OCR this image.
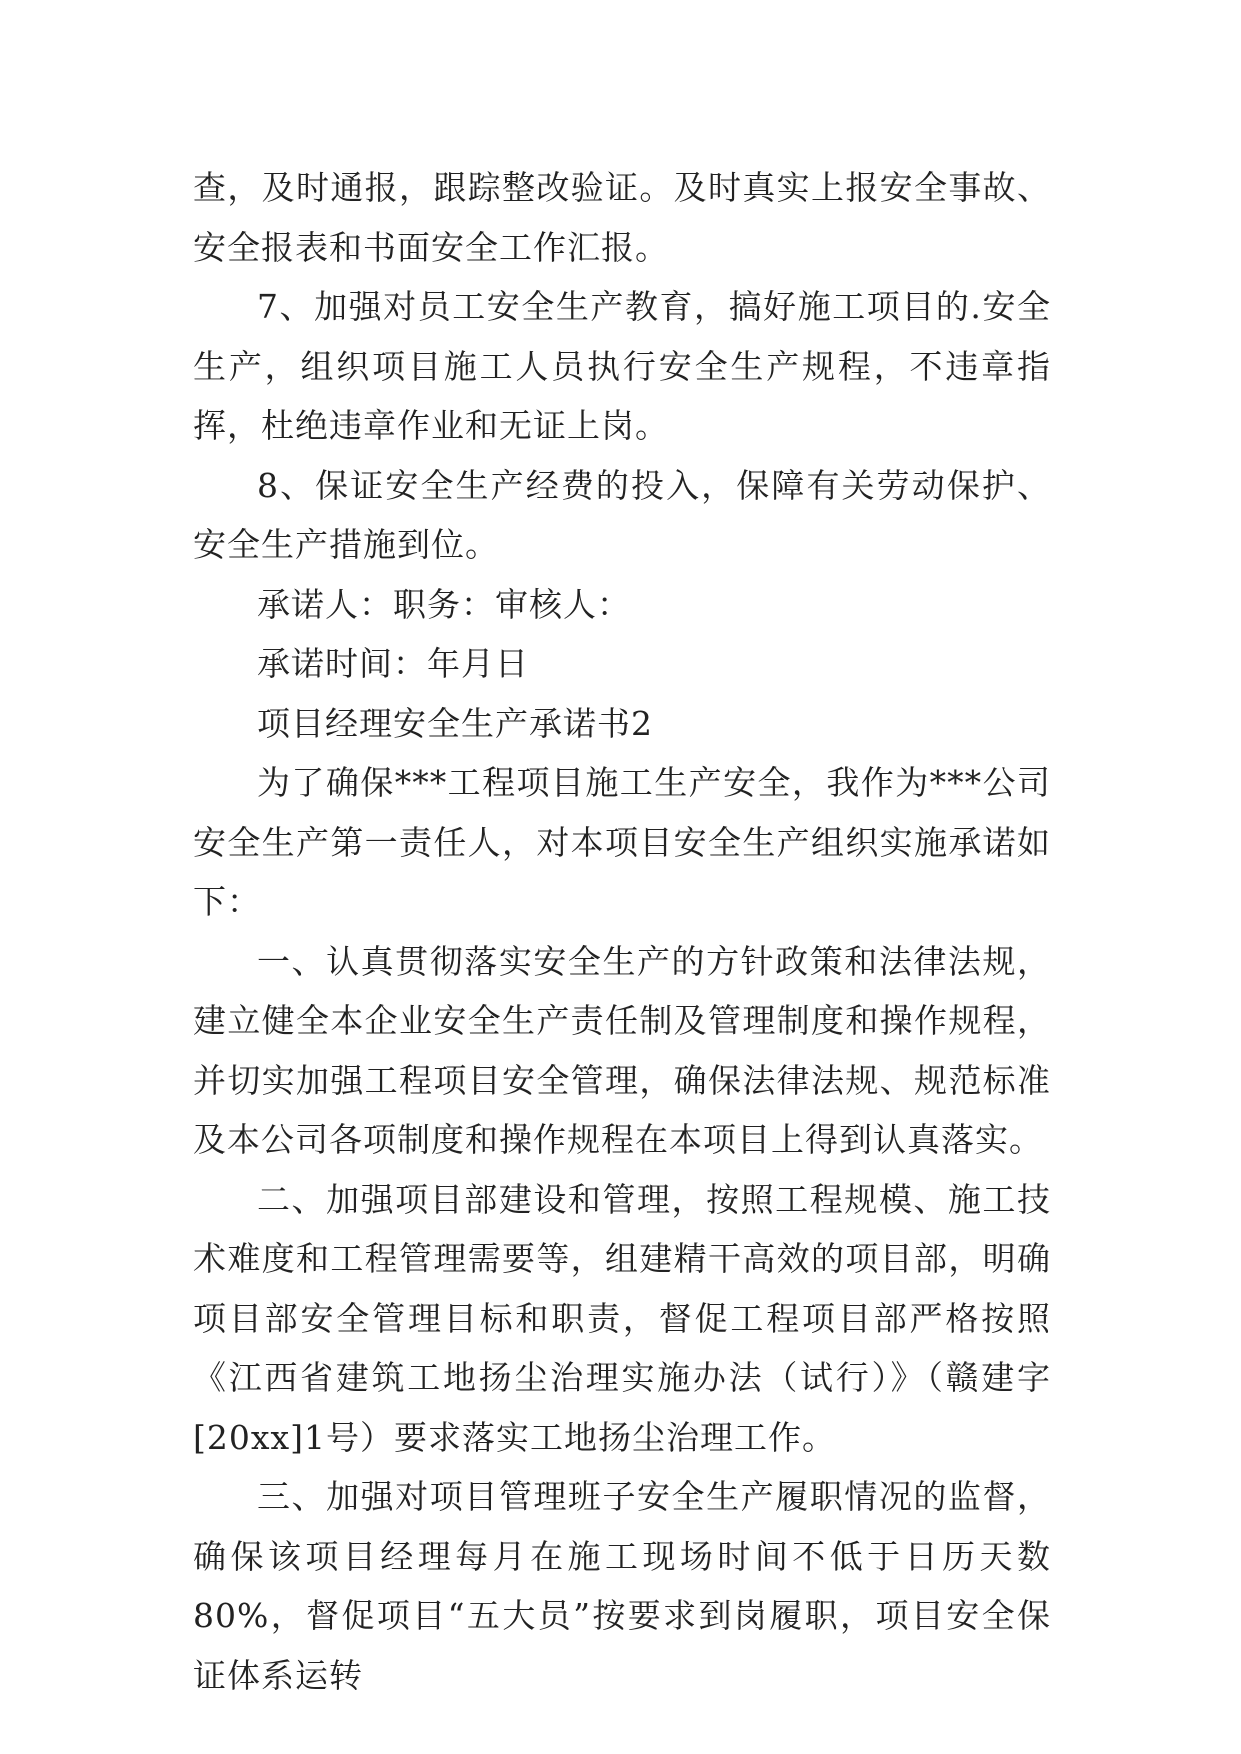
查，及时通报，跟踪整改验证。及时真实上报安全事故、安全报表和书面安全工作汇报。

7、加强对员工安全生产教育，搞好施工项目的.安全生产，组织项目施工人员执行安全生产规程，不违章指挥，杜绝违章作业和无证上岗。

8、保证安全生产经费的投入，保障有关劳动保护、安全生产措施到位。

承诺人：职务：审核人：

承诺时间：年月日

项目经理安全生产承诺书2

为了确保***工程项目施工生产安全，我作为***公司安全生产第一责任人，对本项目安全生产组织实施承诺如下：

一、认真贯彻落实安全生产的方针政策和法律法规，建立健全本企业安全生产责任制及管理制度和操作规程，并切实加强工程项目安全管理，确保法律法规、规范标准及本公司各项制度和操作规程在本项目上得到认真落实。

二、加强项目部建设和管理，按照工程规模、施工技术难度和工程管理需要等，组建精干高效的项目部，明确项目部安全管理目标和职责，督促工程项目部严格按照《江西省建筑工地扬尘治理实施办法（试行）》（赣建字[20xx]1号）要求落实工地扬尘治理工作。

三、加强对项目管理班子安全生产履职情况的监督，确保该项目经理每月在施工现场时间不低于日历天数80%，督促项目“五大员”按要求到岗履职，项目安全保证体系运转
